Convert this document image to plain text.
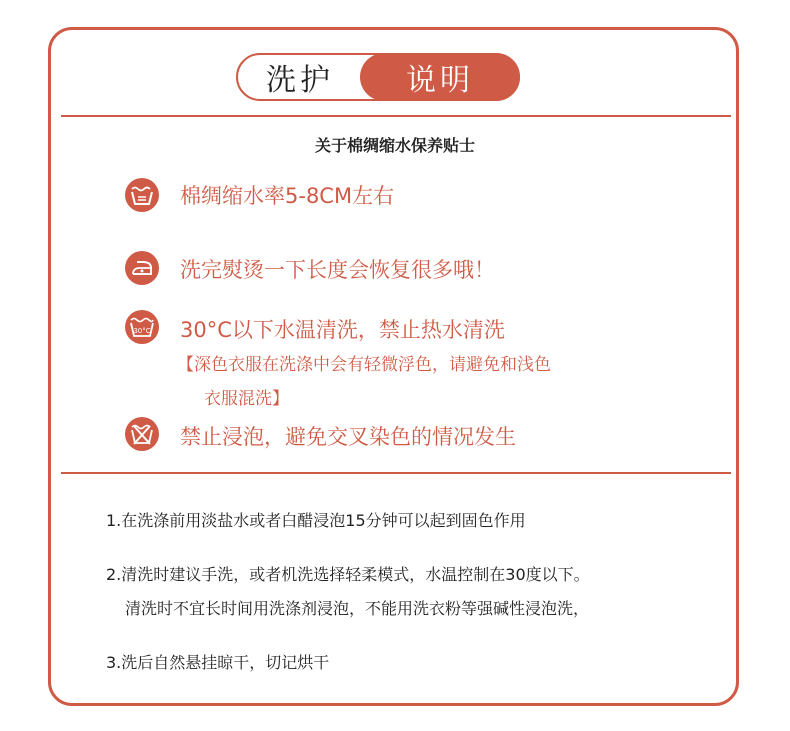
洗护	说明
关于棉绸缩水保养贴士
棉绸缩水率5-8CM左右
洗完熨烫一下长度会恢复很多哦！
30°C 30°C以下水温清洗，禁止热水清洗
【深色衣服在洗涤中会有轻微浮色，请避免和浅色
衣服混洗】
禁止浸泡，避免交叉染色的情况发生
1.在洗涤前用淡盐水或者白醋浸泡15分钟可以起到固色作用
2.清洗时建议手洗，或者机洗选择轻柔模式，水温控制在30度以下。
清洗时不宜长时间用洗涤剂浸泡，不能用洗衣粉等强碱性浸泡洗，
3.洗后自然悬挂晾干，切记烘干
